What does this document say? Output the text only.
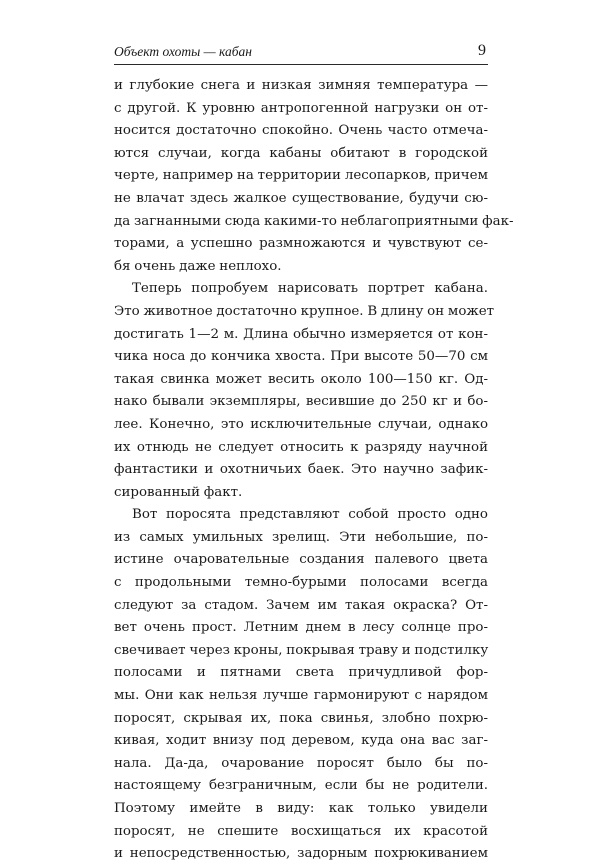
Объект охоты — кабан	9
и глубокие снега и низкая зимняя температура —
с другой. К уровню антропогенной нагрузки он от-
носится достаточно спокойно. Очень часто отмеча-
ются случаи, когда кабаны обитают в городской
черте, например на территории лесопарков, причем
не влачат здесь жалкое существование, будучи сю-
да загнанными сюда какими-то неблагоприятными фак-
торами, а успешно размножаются и чувствуют се-
бя очень даже неплохо.
Теперь попробуем нарисовать портрет кабана.
Это животное достаточно крупное. В длину он может
достигать 1—2 м. Длина обычно измеряется от кон-
чика носа до кончика хвоста. При высоте 50—70 см
такая свинка может весить около 100—150 кг. Од-
нако бывали экземпляры, весившие до 250 кг и бо-
лее. Конечно, это исключительные случаи, однако
их отнюдь не следует относить к разряду научной
фантастики и охотничьих баек. Это научно зафик-
сированный факт.
Вот поросята представляют собой просто одно
из самых умильных зрелищ. Эти небольшие, по-
истине очаровательные создания палевого цвета
с продольными темно-бурыми полосами всегда
следуют за стадом. Зачем им такая окраска? От-
вет очень прост. Летним днем в лесу солнце про-
свечивает через кроны, покрывая траву и подстилку
полосами и пятнами света причудливой фор-
мы. Они как нельзя лучше гармонируют с нарядом
поросят, скрывая их, пока свинья, злобно похрю-
кивая, ходит внизу под деревом, куда она вас заг-
нала. Да-да, очарование поросят было бы по-
настоящему безграничным, если бы не родители.
Поэтому имейте в виду: как только увидели
поросят, не спешите восхищаться их красотой
и непосредственностью, задорным похрюкиванием
